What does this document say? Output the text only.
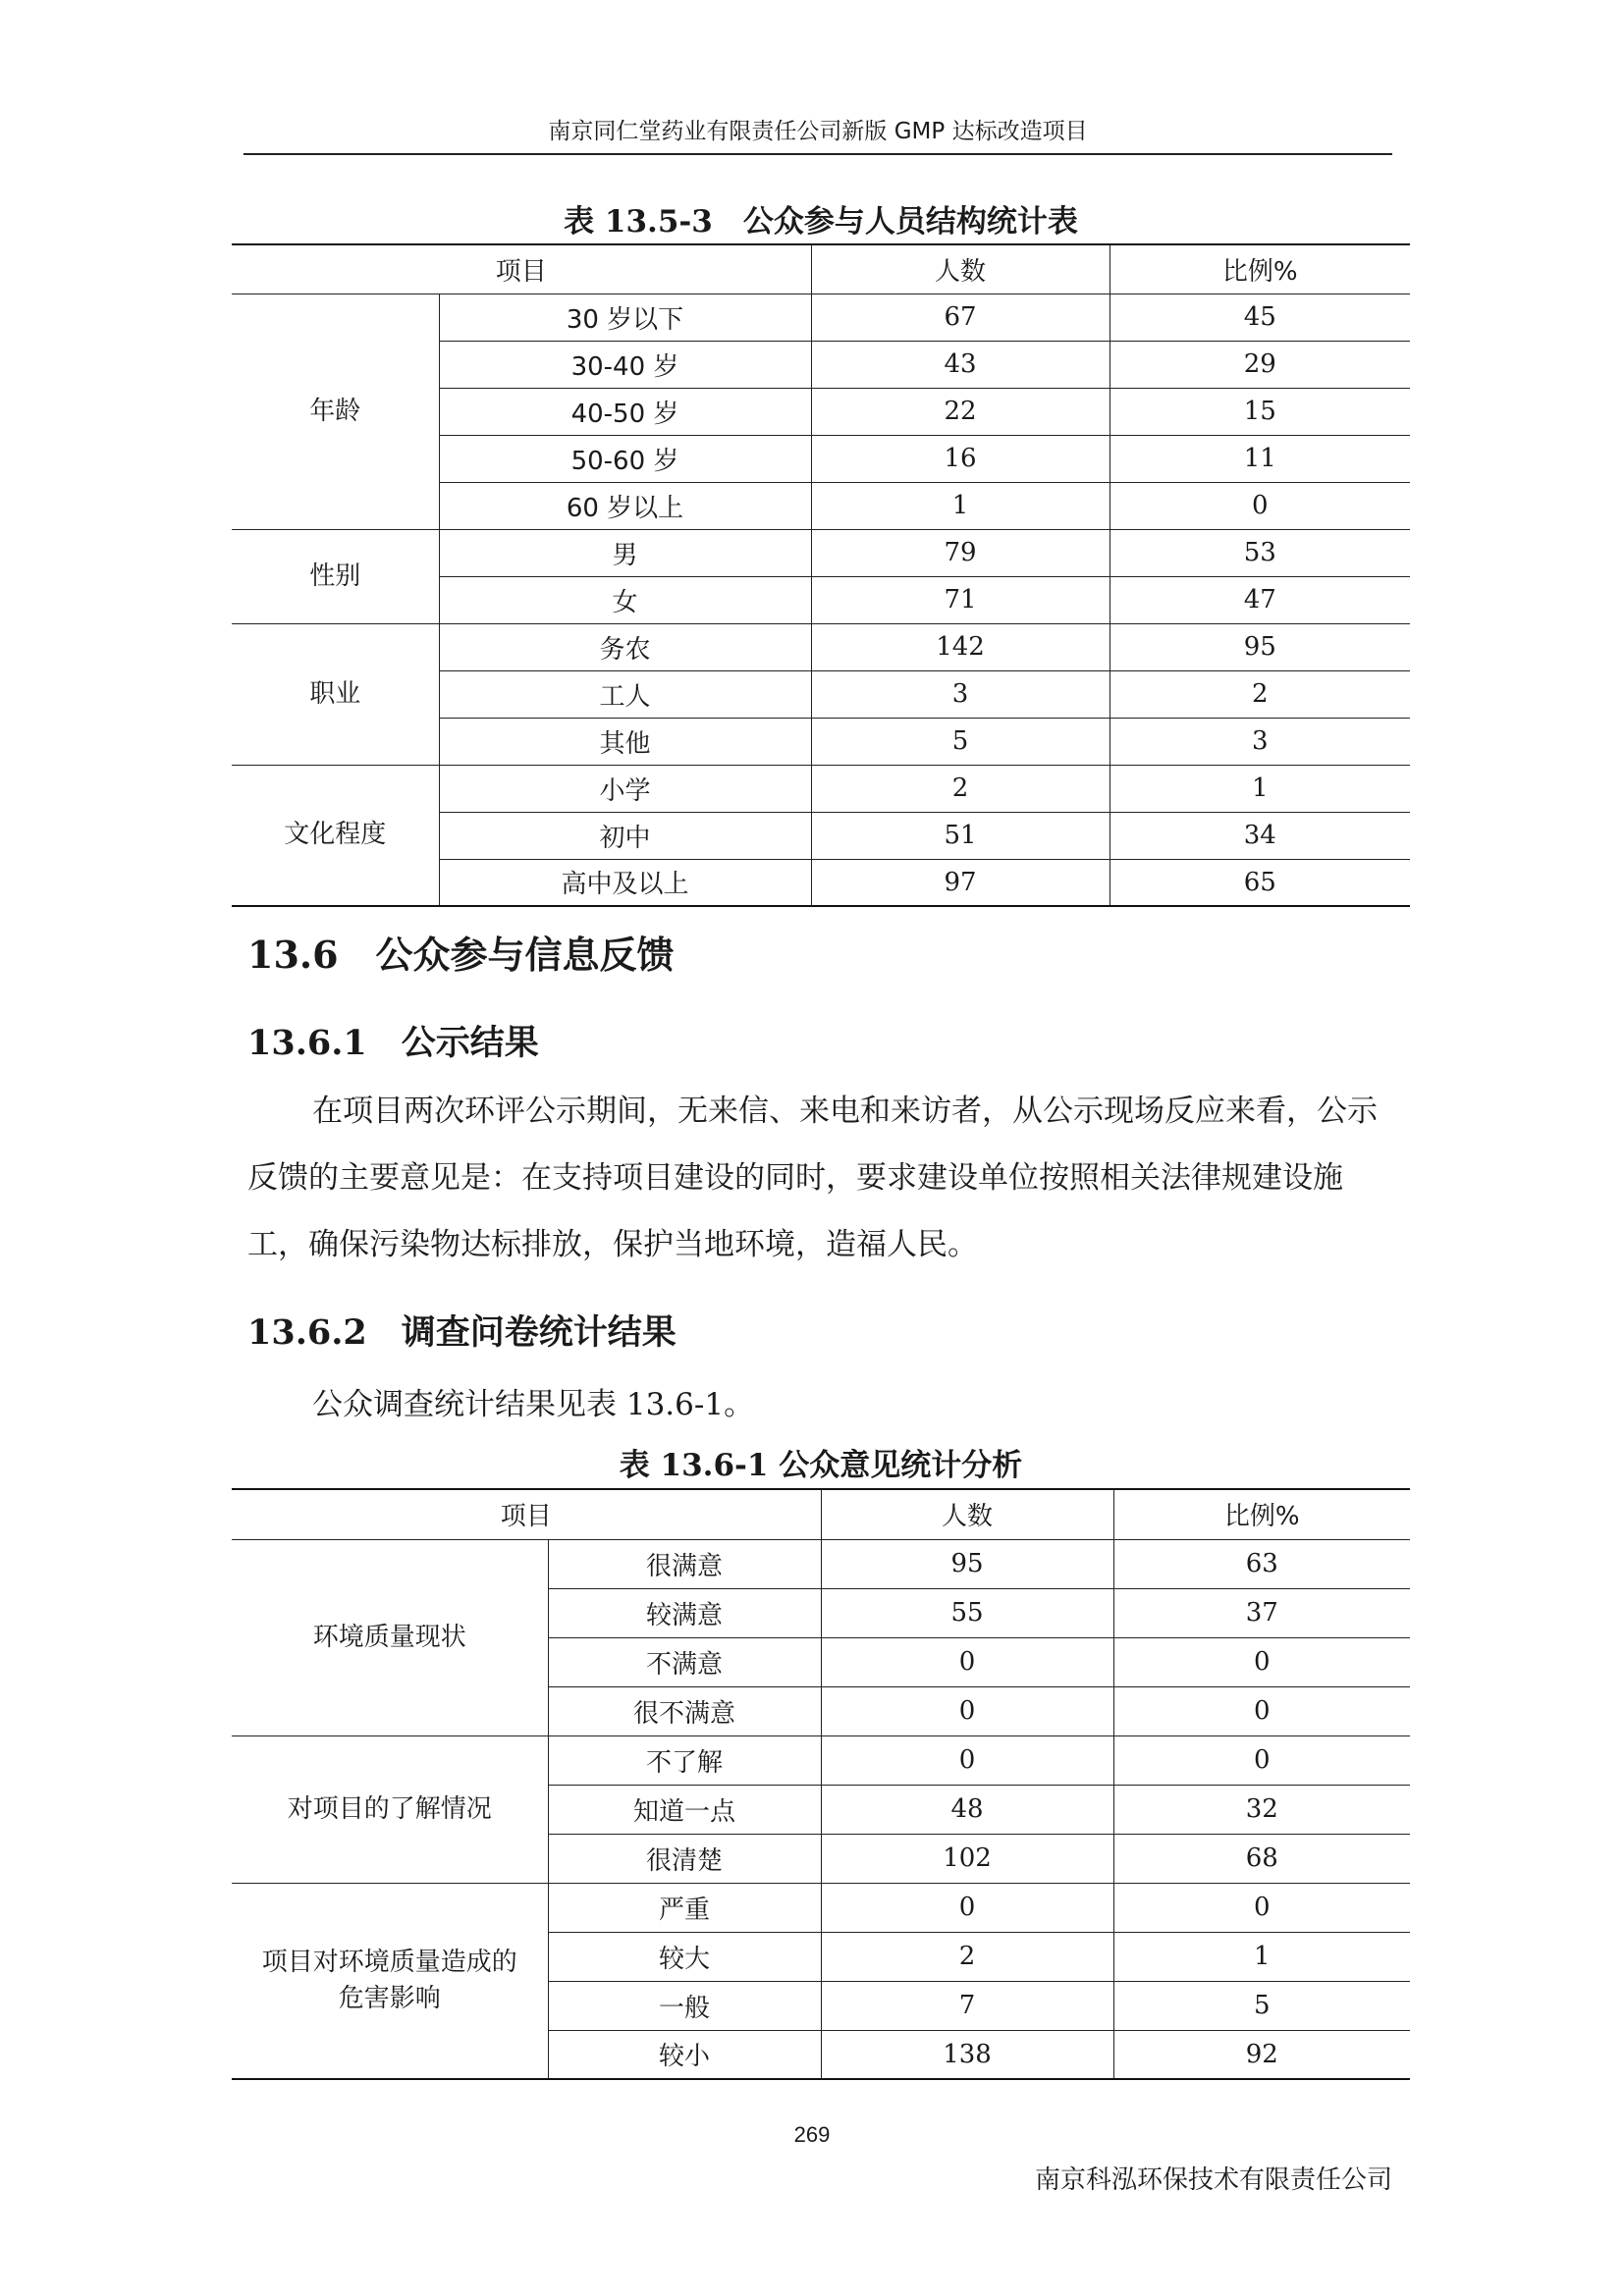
南京同仁堂药业有限责任公司新版 GMP 达标改造项目
表 13.5-3　公众参与人员结构统计表
项目		人数	比例%
年龄	30 岁以下	67	45
	30-40 岁	43	29
	40-50 岁	22	15
	50-60 岁	16	11
	60 岁以上	1	0
性别	男	79	53
	女	71	47
职业	务农	142	95
	工人	3	2
	其他	5	3
文化程度	小学	2	1
	初中	51	34
	高中及以上	97	65
13.6　公众参与信息反馈
13.6.1　公示结果
在项目两次环评公示期间，无来信、来电和来访者，从公示现场反应来看，公示反馈的主要意见是：在支持项目建设的同时，要求建设单位按照相关法律规建设施工，确保污染物达标排放，保护当地环境，造福人民。
13.6.2　调查问卷统计结果
公众调查统计结果见表 13.6-1。
表 13.6-1 公众意见统计分析
项目		人数	比例%
环境质量现状	很满意	95	63
	较满意	55	37
	不满意	0	0
	很不满意	0	0
对项目的了解情况	不了解	0	0
	知道一点	48	32
	很清楚	102	68
项目对环境质量造成的危害影响	严重	0	0
	较大	2	1
	一般	7	5
	较小	138	92
269
南京科泓环保技术有限责任公司
